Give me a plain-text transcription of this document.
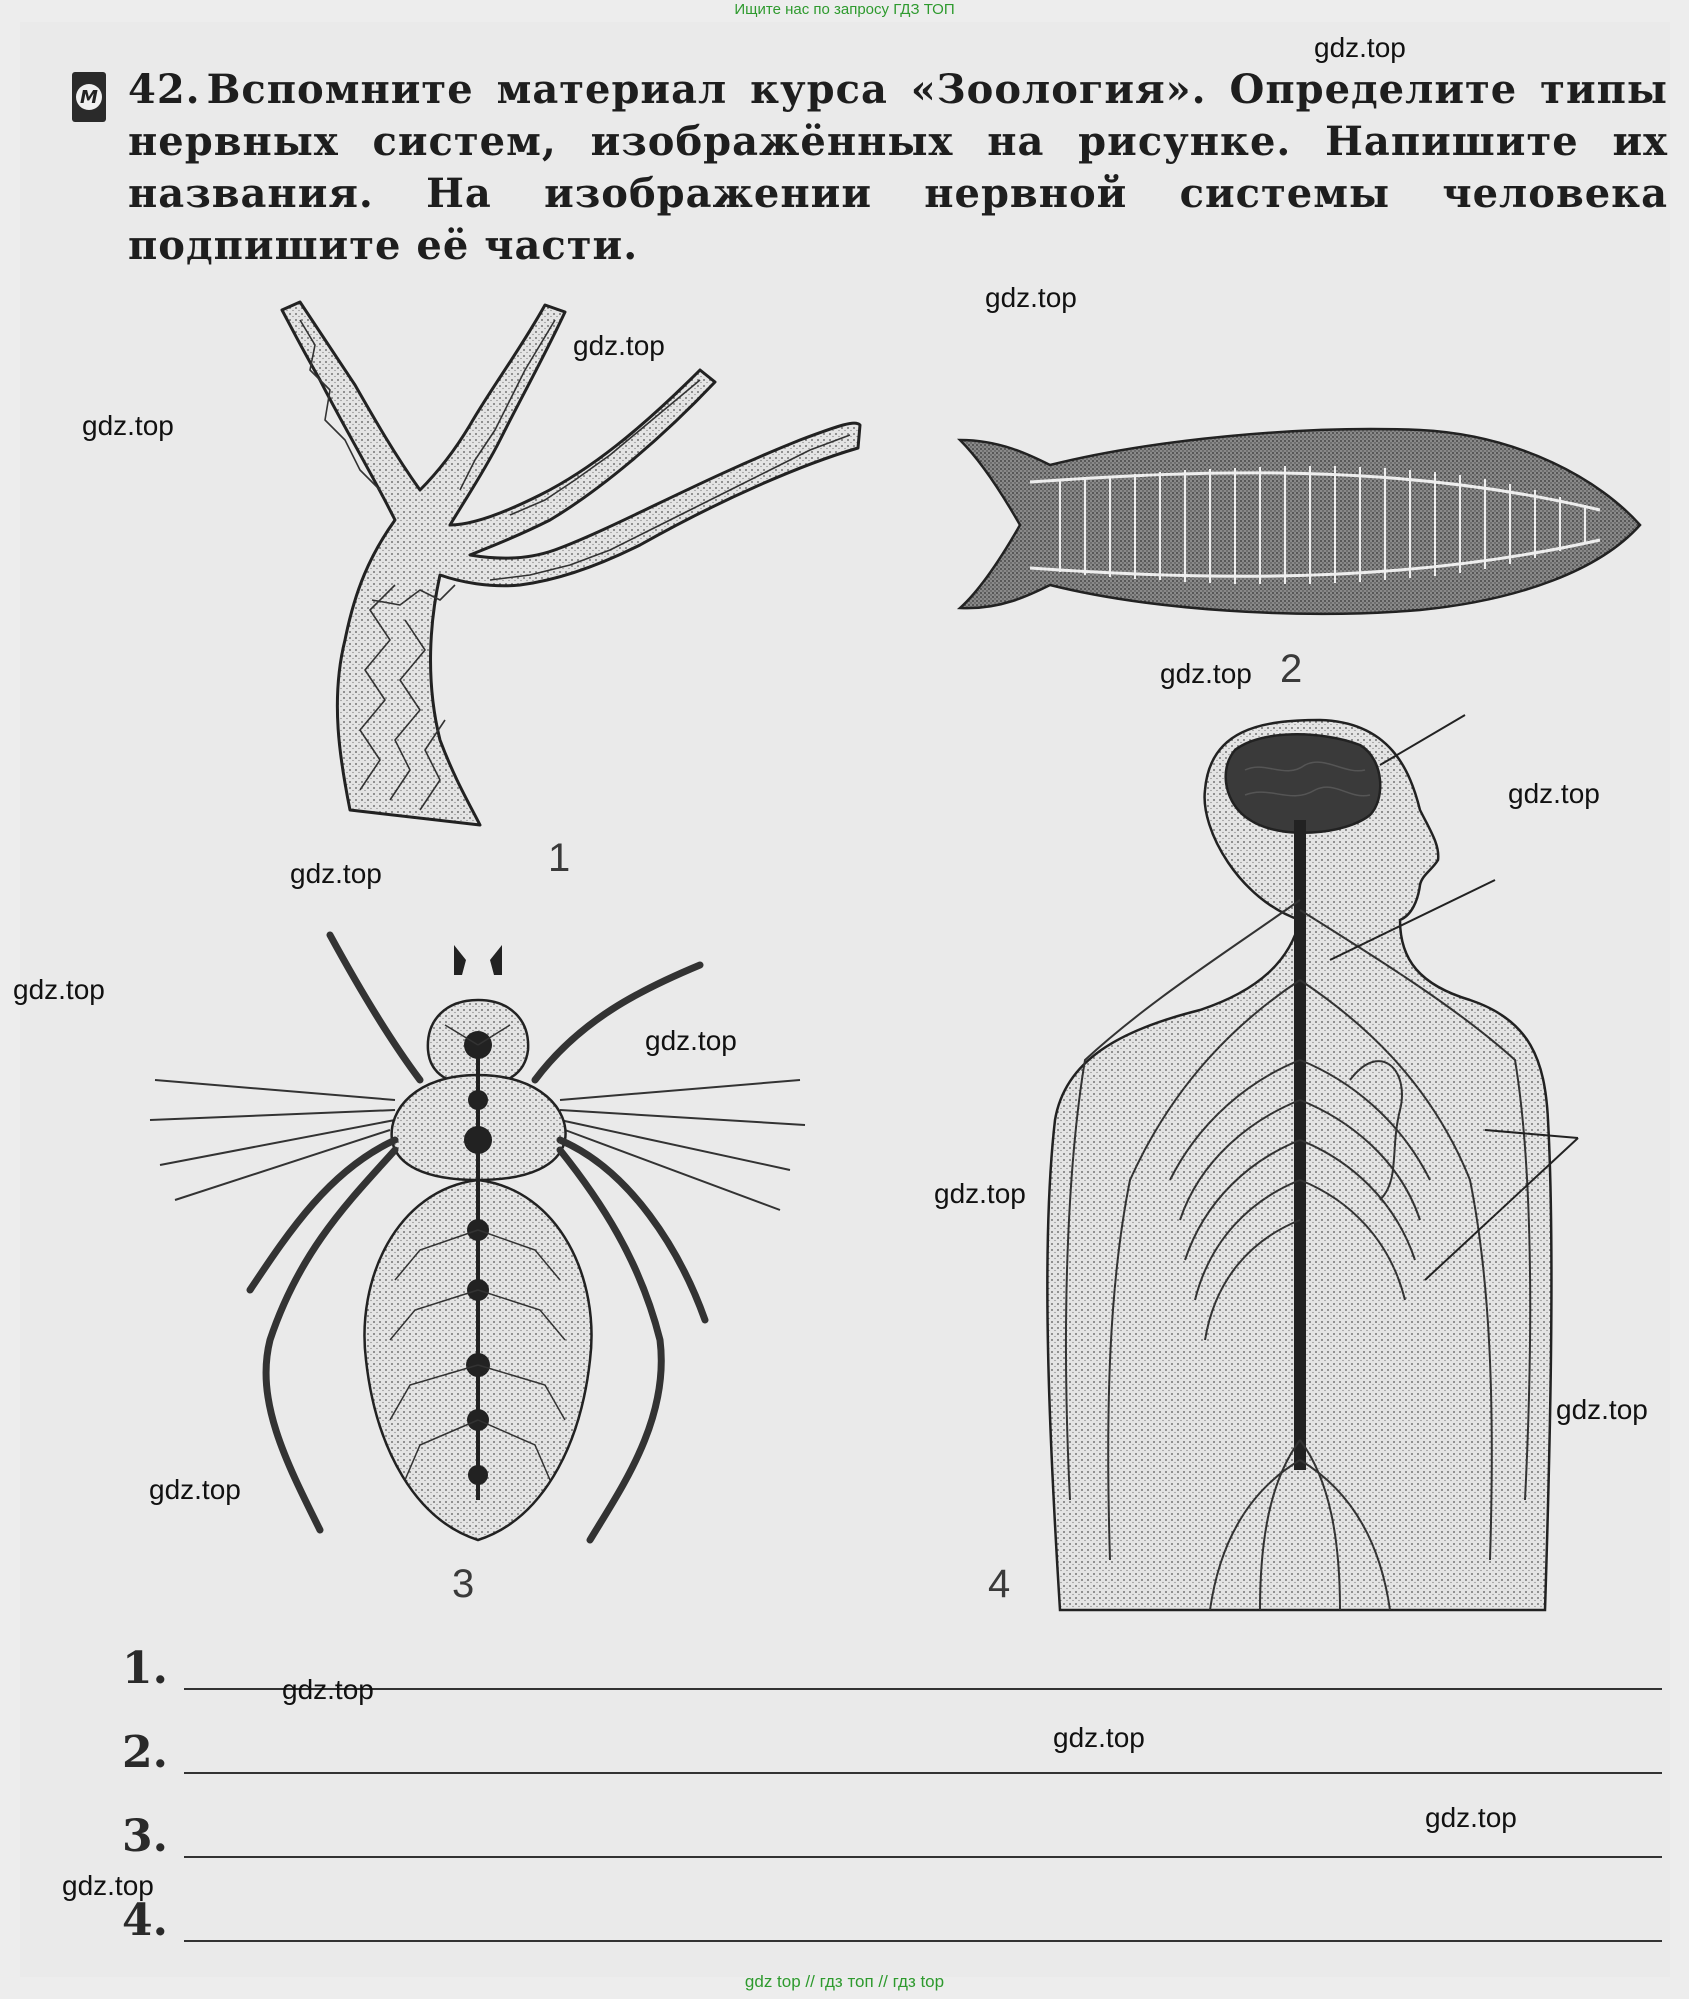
Ищите нас по запросу ГДЗ ТОП
М 42. Вспомните материал курса «Зоология». Определите типы нервных систем, изображённых на рисунке. Напишите их названия. На изображении нервной системы человека подпишите её части.

1
2
3	4
1.
2.
3.
4.
gdz.top
gdz.top
gdz.top
gdz.top
gdz.top
gdz.top
gdz.top
gdz.top
gdz.top
gdz.top
gdz.top
gdz.top
gdz.top
gdz.top
gdz.top
gdz.top
gdz top // гдз топ // гдз top
